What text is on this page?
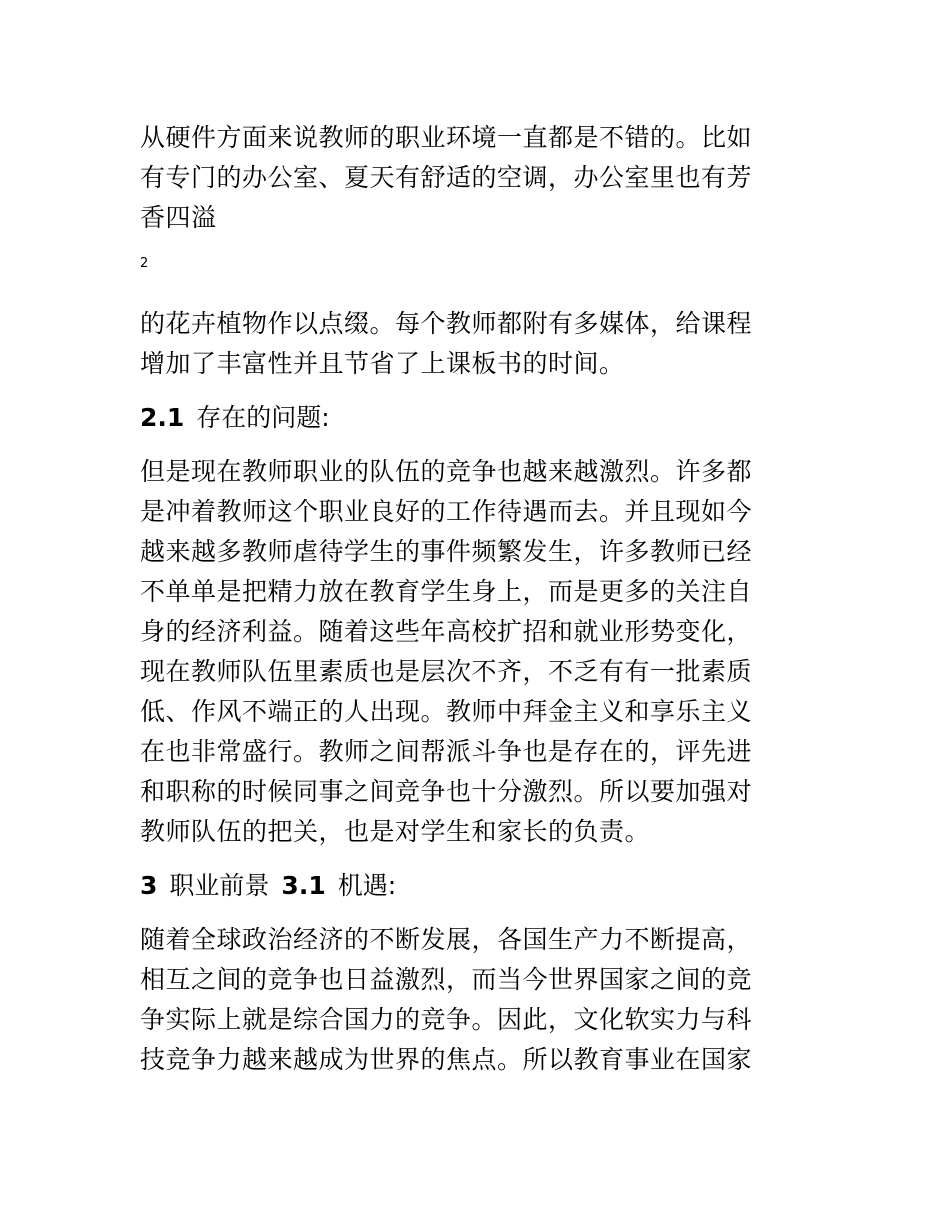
从硬件方面来说教师的职业环境一直都是不错的。比如
有专门的办公室、夏天有舒适的空调，办公室里也有芳
香四溢

2

的花卉植物作以点缀。每个教师都附有多媒体，给课程
增加了丰富性并且节省了上课板书的时间。

2.1 存在的问题:

但是现在教师职业的队伍的竞争也越来越激烈。许多都
是冲着教师这个职业良好的工作待遇而去。并且现如今
越来越多教师虐待学生的事件频繁发生，许多教师已经
不单单是把精力放在教育学生身上，而是更多的关注自
身的经济利益。随着这些年高校扩招和就业形势变化，
现在教师队伍里素质也是层次不齐，不乏有有一批素质
低、作风不端正的人出现。教师中拜金主义和享乐主义
在也非常盛行。教师之间帮派斗争也是存在的，评先进
和职称的时候同事之间竞争也十分激烈。所以要加强对
教师队伍的把关，也是对学生和家长的负责。

3 职业前景 3.1 机遇:

随着全球政治经济的不断发展，各国生产力不断提高，
相互之间的竞争也日益激烈，而当今世界国家之间的竞
争实际上就是综合国力的竞争。因此，文化软实力与科
技竞争力越来越成为世界的焦点。所以教育事业在国家
